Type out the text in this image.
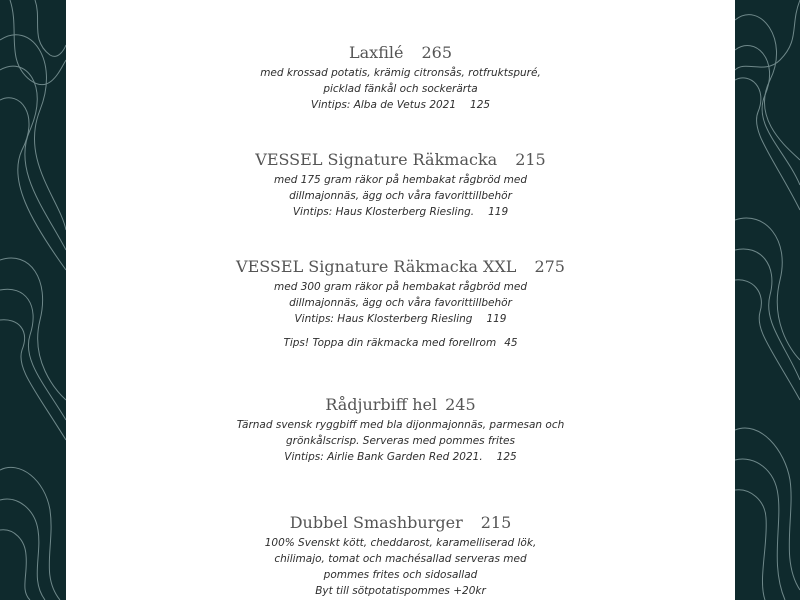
Laxfilé 265
med krossad potatis, krämig citronsås, rotfruktspuré,
picklad fänkål och sockerärta
Vintips: Alba de Vetus 2021 125
VESSEL Signature Räkmacka 215
med 175 gram räkor på hembakat rågbröd med
dillmajonnäs, ägg och våra favorittillbehör
Vintips: Haus Klosterberg Riesling. 119
VESSEL Signature Räkmacka XXL 275
med 300 gram räkor på hembakat rågbröd med
dillmajonnäs, ägg och våra favorittillbehör
Vintips: Haus Klosterberg Riesling 119
Tips! Toppa din räkmacka med forellrom 45
Rådjurbiff hel 245
Tärnad svensk ryggbiff med bla dijonmajonnäs, parmesan och
grönkålscrisp. Serveras med pommes frites
Vintips: Airlie Bank Garden Red 2021. 125
Dubbel Smashburger 215
100% Svenskt kött, cheddarost, karamelliserad lök,
chilimajo, tomat och machésallad serveras med
pommes frites och sidosallad
Byt till sötpotatispommes +20kr
